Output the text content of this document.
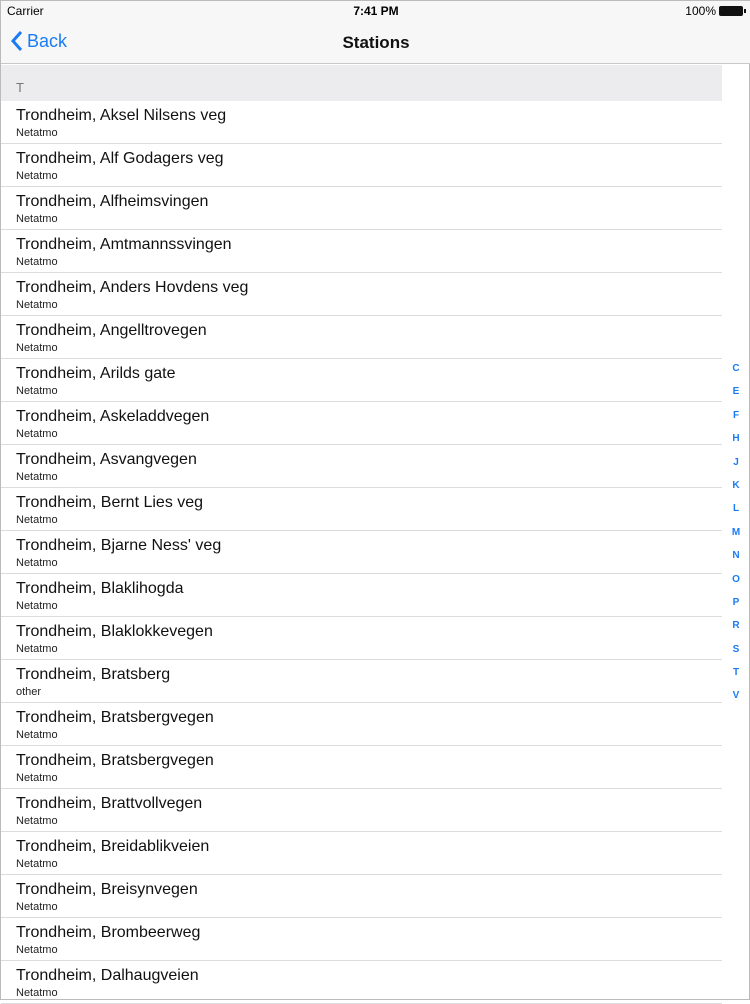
Carrier	7:41 PM	100%
Back	Stations
T
Trondheim, Aksel Nilsens veg
Netatmo
Trondheim, Alf Godagers veg
Netatmo
Trondheim, Alfheimsvingen
Netatmo
Trondheim, Amtmannssvingen
Netatmo
Trondheim, Anders Hovdens veg
Netatmo
Trondheim, Angelltrovegen
Netatmo
Trondheim, Arilds gate
Netatmo
Trondheim, Askeladdvegen
Netatmo
Trondheim, Asvangvegen
Netatmo
Trondheim, Bernt Lies veg
Netatmo
Trondheim, Bjarne Ness' veg
Netatmo
Trondheim, Blaklihogda
Netatmo
Trondheim, Blaklokkevegen
Netatmo
Trondheim, Bratsberg
other
Trondheim, Bratsbergvegen
Netatmo
Trondheim, Bratsbergvegen
Netatmo
Trondheim, Brattvollvegen
Netatmo
Trondheim, Breidablikveien
Netatmo
Trondheim, Breisynvegen
Netatmo
Trondheim, Brombeerweg
Netatmo
Trondheim, Dalhaugveien
Netatmo
C
E
F
H
J
K
L
M
N
O
P
R
S
T
V
